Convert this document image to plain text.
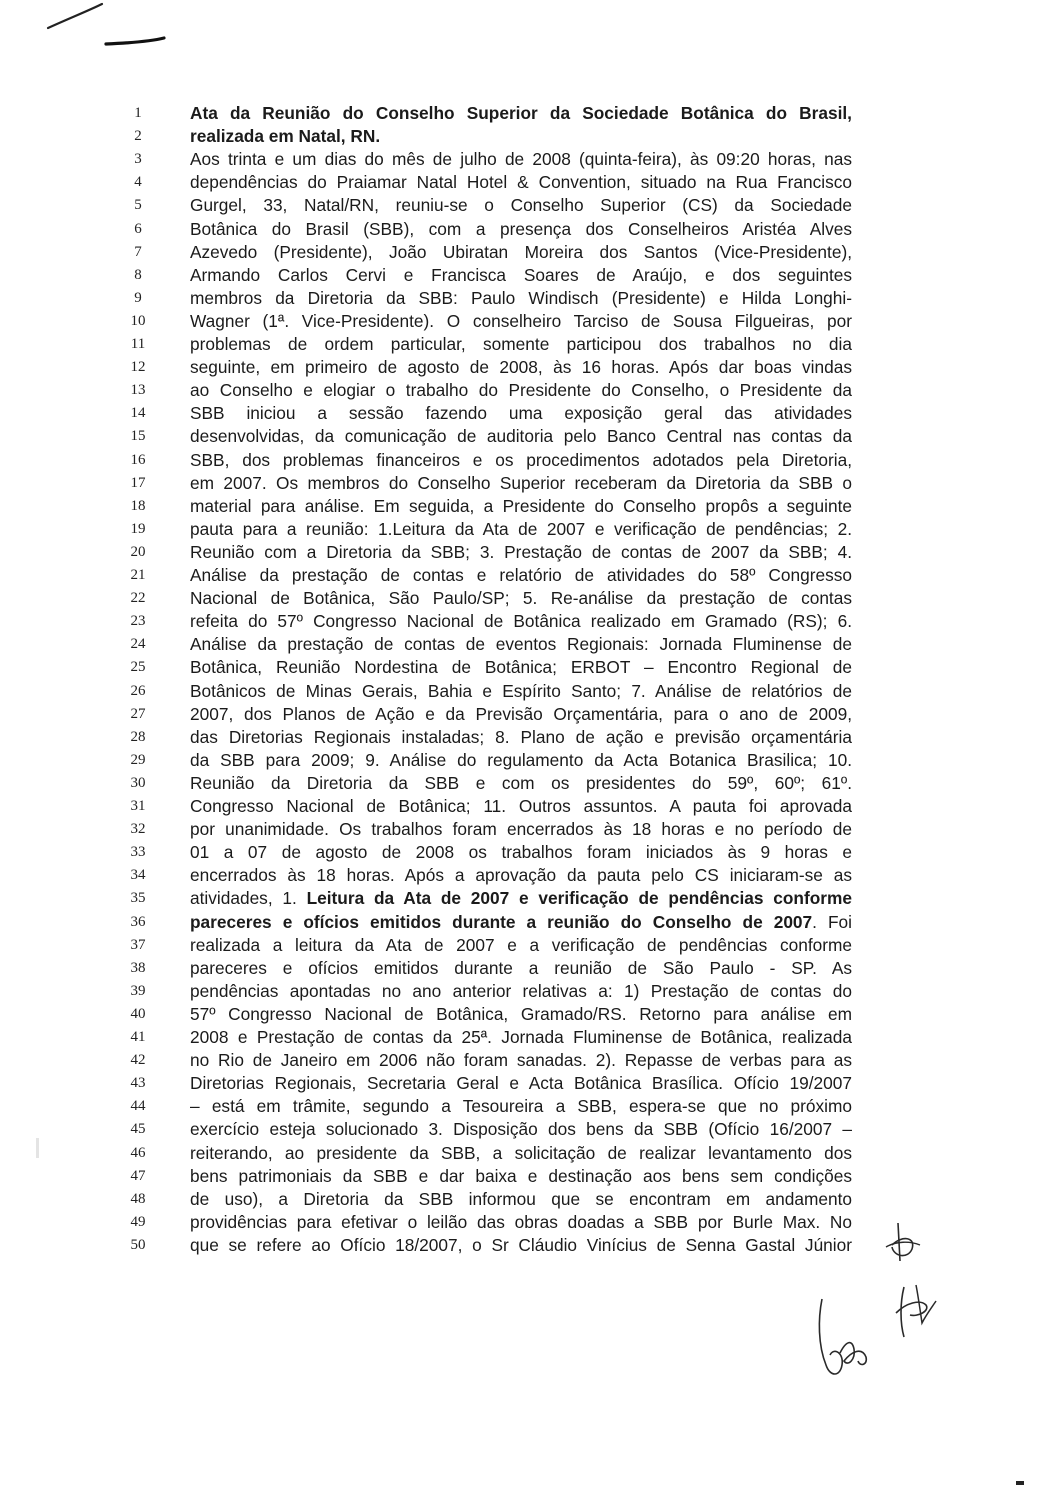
1	Ata da Reunião do Conselho Superior da Sociedade Botânica do Brasil,
2	realizada em Natal, RN.
3	Aos trinta e um dias do mês de julho de 2008 (quinta-feira), às 09:20 horas, nas
4	dependências do Praiamar Natal Hotel & Convention, situado na Rua Francisco
5	Gurgel, 33, Natal/RN, reuniu-se o Conselho Superior (CS) da Sociedade
6	Botânica do Brasil (SBB), com a presença dos Conselheiros Aristéa Alves
7	Azevedo (Presidente), João Ubiratan Moreira dos Santos (Vice-Presidente),
8	Armando Carlos Cervi e Francisca Soares de Araújo, e dos seguintes
9	membros da Diretoria da SBB: Paulo Windisch (Presidente) e Hilda Longhi-
10	Wagner (1ª. Vice-Presidente). O conselheiro Tarciso de Sousa Filgueiras, por
11	problemas de ordem particular, somente participou dos trabalhos no dia
12	seguinte, em primeiro de agosto de 2008, às 16 horas. Após dar boas vindas
13	ao Conselho e elogiar o trabalho do Presidente do Conselho, o Presidente da
14	SBB iniciou a sessão fazendo uma exposição geral das atividades
15	desenvolvidas, da comunicação de auditoria pelo Banco Central nas contas da
16	SBB, dos problemas financeiros e os procedimentos adotados pela Diretoria,
17	em 2007. Os membros do Conselho Superior receberam da Diretoria da SBB o
18	material para análise. Em seguida, a Presidente do Conselho propôs a seguinte
19	pauta para a reunião: 1.Leitura da Ata de 2007 e verificação de pendências; 2.
20	Reunião com a Diretoria da SBB; 3. Prestação de contas de 2007 da SBB; 4.
21	Análise da prestação de contas e relatório de atividades do 58º Congresso
22	Nacional de Botânica, São Paulo/SP; 5. Re-análise da prestação de contas
23	refeita do 57º Congresso Nacional de Botânica realizado em Gramado (RS); 6.
24	Análise da prestação de contas de eventos Regionais: Jornada Fluminense de
25	Botânica, Reunião Nordestina de Botânica; ERBOT – Encontro Regional de
26	Botânicos de Minas Gerais, Bahia e Espírito Santo; 7. Análise de relatórios de
27	2007, dos Planos de Ação e da Previsão Orçamentária, para o ano de 2009,
28	das Diretorias Regionais instaladas; 8. Plano de ação e previsão orçamentária
29	da SBB para 2009; 9. Análise do regulamento da Acta Botanica Brasilica; 10.
30	Reunião da Diretoria da SBB e com os presidentes do 59º, 60º; 61º.
31	Congresso Nacional de Botânica; 11. Outros assuntos. A pauta foi aprovada
32	por unanimidade. Os trabalhos foram encerrados às 18 horas e no período de
33	01 a 07 de agosto de 2008 os trabalhos foram iniciados às 9 horas e
34	encerrados às 18 horas. Após a aprovação da pauta pelo CS iniciaram-se as
35	atividades, 1. Leitura da Ata de 2007 e verificação de pendências conforme
36	pareceres e ofícios emitidos durante a reunião do Conselho de 2007. Foi
37	realizada a leitura da Ata de 2007 e a verificação de pendências conforme
38	pareceres e ofícios emitidos durante a reunião de São Paulo - SP. As
39	pendências apontadas no ano anterior relativas a: 1) Prestação de contas do
40	57º Congresso Nacional de Botânica, Gramado/RS. Retorno para análise em
41	2008 e Prestação de contas da 25ª. Jornada Fluminense de Botânica, realizada
42	no Rio de Janeiro em 2006 não foram sanadas. 2). Repasse de verbas para as
43	Diretorias Regionais, Secretaria Geral e Acta Botânica Brasílica. Ofício 19/2007
44	– está em trâmite, segundo a Tesoureira a SBB, espera-se que no próximo
45	exercício esteja solucionado 3. Disposição dos bens da SBB (Ofício 16/2007 –
46	reiterando, ao presidente da SBB, a solicitação de realizar levantamento dos
47	bens patrimoniais da SBB e dar baixa e destinação aos bens sem condições
48	de uso), a Diretoria da SBB informou que se encontram em andamento
49	providências para efetivar o leilão das obras doadas a SBB por Burle Max. No
50	que se refere ao Ofício 18/2007, o Sr Cláudio Vinícius de Senna Gastal Júnior
